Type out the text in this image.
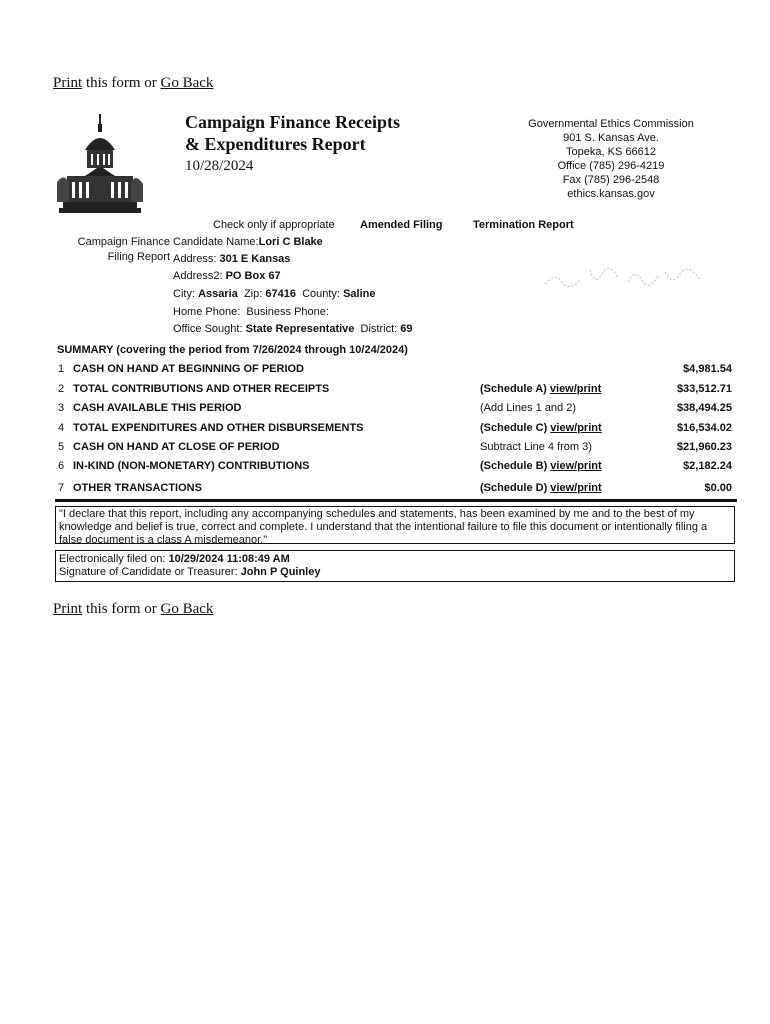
Print this form or Go Back
Campaign Finance Receipts
& Expenditures Report
10/28/2024
Governmental Ethics Commission
901 S. Kansas Ave.
Topeka, KS 66612
Office (785) 296-4219
Fax (785) 296-2548
ethics.kansas.gov
Check only if appropriate Amended Filing	Termination Report
Campaign Finance
Filing Report
Candidate Name:Lori C Blake
Address: 301 E Kansas
Address2: PO Box 67
City: Assaria Zip: 67416 County: Saline
Home Phone: Business Phone:
Office Sought: State Representative District: 69
SUMMARY (covering the period from 7/26/2024 through 10/24/2024)
1 CASH ON HAND AT BEGINNING OF PERIOD	$4,981.54
2 TOTAL CONTRIBUTIONS AND OTHER RECEIPTS	(Schedule A) view/print	$33,512.71
3 CASH AVAILABLE THIS PERIOD	(Add Lines 1 and 2)	$38,494.25
4 TOTAL EXPENDITURES AND OTHER DISBURSEMENTS	(Schedule C) view/print	$16,534.02
5 CASH ON HAND AT CLOSE OF PERIOD	Subtract Line 4 from 3)	$21,960.23
6 IN-KIND (NON-MONETARY) CONTRIBUTIONS	(Schedule B) view/print	$2,182.24
7 OTHER TRANSACTIONS	(Schedule D) view/print	$0.00
"I declare that this report, including any accompanying schedules and statements, has been examined by me and to the best of my knowledge and belief is true, correct and complete. I understand that the intentional failure to file this document or intentionally filing a false document is a class A misdemeanor."
Electronically filed on: 10/29/2024 11:08:49 AM
Signature of Candidate or Treasurer: John P Quinley
Print this form or Go Back
